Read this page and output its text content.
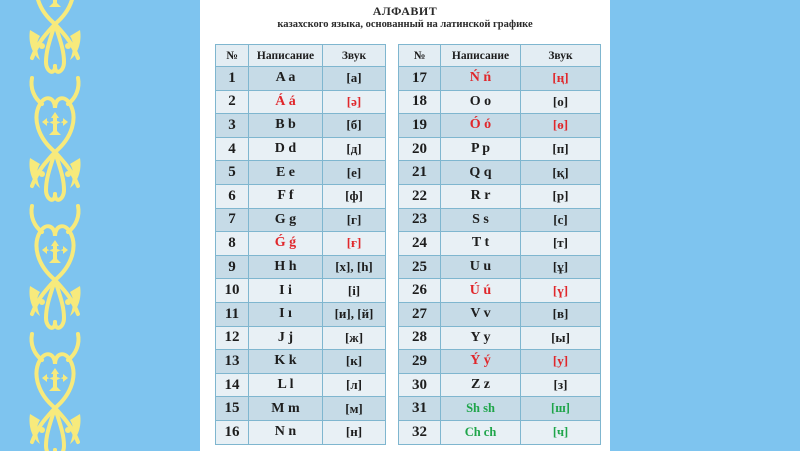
АЛФАВИТ
казахского языка, основанный на латинской графике
№	Написание	Звук
1	A a	[а]
2	Á á	[ә]
3	B b	[б]
4	D d	[д]
5	E e	[е]
6	F f	[ф]
7	G g	[г]
8	Ǵ ǵ	[ғ]
9	H h	[х], [һ]
10	I i	[і]
11	I ı	[и], [й]
12	J j	[ж]
13	K k	[к]
14	L l	[л]
15	M m	[м]
16	N n	[н]
№	Написание	Звук
17	Ń ń	[ң]
18	O o	[о]
19	Ó ó	[ө]
20	P p	[п]
21	Q q	[қ]
22	R r	[р]
23	S s	[с]
24	T t	[т]
25	U u	[ұ]
26	Ú ú	[ү]
27	V v	[в]
28	Y y	[ы]
29	Ý ý	[у]
30	Z z	[з]
31	Sh sh	[ш]
32	Ch ch	[ч]
